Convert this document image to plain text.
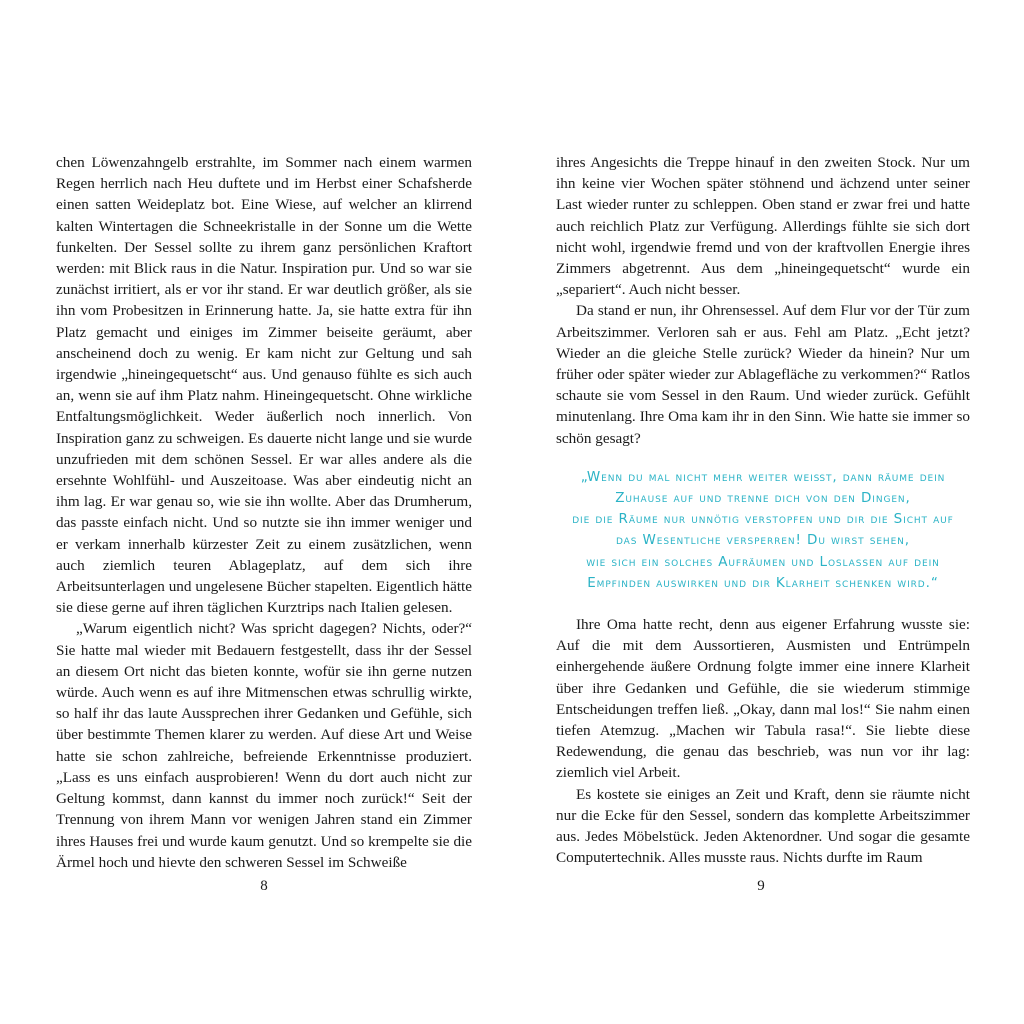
chen Löwenzahngelb erstrahlte, im Sommer nach einem warmen Regen herrlich nach Heu duftete und im Herbst einer Schafsherde einen satten Weideplatz bot. Eine Wiese, auf welcher an klirrend kalten Wintertagen die Schneekristalle in der Sonne um die Wette funkelten. Der Sessel sollte zu ihrem ganz persönlichen Kraftort werden: mit Blick raus in die Natur. Inspiration pur. Und so war sie zunächst irritiert, als er vor ihr stand. Er war deutlich größer, als sie ihn vom Probesitzen in Erinnerung hatte. Ja, sie hatte extra für ihn Platz gemacht und einiges im Zimmer beiseite geräumt, aber anscheinend doch zu wenig. Er kam nicht zur Geltung und sah irgendwie „hineingequetscht“ aus. Und genauso fühlte es sich auch an, wenn sie auf ihm Platz nahm. Hineingequetscht. Ohne wirkliche Entfaltungsmöglichkeit. Weder äußerlich noch innerlich. Von Inspiration ganz zu schweigen. Es dauerte nicht lange und sie wurde unzufrieden mit dem schönen Sessel. Er war alles andere als die ersehnte Wohlfühl- und Auszeitoase. Was aber eindeutig nicht an ihm lag. Er war genau so, wie sie ihn wollte. Aber das Drumherum, das passte einfach nicht. Und so nutzte sie ihn immer weniger und er verkam innerhalb kürzester Zeit zu einem zusätzlichen, wenn auch ziemlich teuren Ablageplatz, auf dem sich ihre Arbeitsunterlagen und ungelesene Bücher stapelten. Eigentlich hätte sie diese gerne auf ihren täglichen Kurztrips nach Italien gelesen.

„Warum eigentlich nicht? Was spricht dagegen? Nichts, oder?“ Sie hatte mal wieder mit Bedauern festgestellt, dass ihr der Sessel an diesem Ort nicht das bieten konnte, wofür sie ihn gerne nutzen würde. Auch wenn es auf ihre Mitmenschen etwas schrullig wirkte, so half ihr das laute Aussprechen ihrer Gedanken und Gefühle, sich über bestimmte Themen klarer zu werden. Auf diese Art und Weise hatte sie schon zahlreiche, befreiende Erkenntnisse produziert. „Lass es uns einfach ausprobieren! Wenn du dort auch nicht zur Geltung kommst, dann kannst du immer noch zurück!“ Seit der Trennung von ihrem Mann vor wenigen Jahren stand ein Zimmer ihres Hauses frei und wurde kaum genutzt. Und so krempelte sie die Ärmel hoch und hievte den schweren Sessel im Schweiße

ihres Angesichts die Treppe hinauf in den zweiten Stock. Nur um ihn keine vier Wochen später stöhnend und ächzend unter seiner Last wieder runter zu schleppen. Oben stand er zwar frei und hatte auch reichlich Platz zur Verfügung. Allerdings fühlte sie sich dort nicht wohl, irgendwie fremd und von der kraftvollen Energie ihres Zimmers abgetrennt. Aus dem „hineingequetscht“ wurde ein „separiert“. Auch nicht besser.

Da stand er nun, ihr Ohrensessel. Auf dem Flur vor der Tür zum Arbeitszimmer. Verloren sah er aus. Fehl am Platz. „Echt jetzt? Wieder an die gleiche Stelle zurück? Wieder da hinein? Nur um früher oder später wieder zur Ablagefläche zu verkommen?“ Ratlos schaute sie vom Sessel in den Raum. Und wieder zurück. Gefühlt minutenlang. Ihre Oma kam ihr in den Sinn. Wie hatte sie immer so schön gesagt?

„Wenn du mal nicht mehr weiter weißt, dann räume dein
Zuhause auf und trenne dich von den Dingen,
die die Räume nur unnötig verstopfen und dir die Sicht auf
das Wesentliche versperren! Du wirst sehen,
wie sich ein solches Aufräumen und Loslassen auf dein
Empfinden auswirken und dir Klarheit schenken wird.“

Ihre Oma hatte recht, denn aus eigener Erfahrung wusste sie: Auf die mit dem Aussortieren, Ausmisten und Entrümpeln einhergehende äußere Ordnung folgte immer eine innere Klarheit über ihre Gedanken und Gefühle, die sie wiederum stimmige Entscheidungen treffen ließ. „Okay, dann mal los!“ Sie nahm einen tiefen Atemzug. „Machen wir Tabula rasa!“. Sie liebte diese Redewendung, die genau das beschrieb, was nun vor ihr lag: ziemlich viel Arbeit.

Es kostete sie einiges an Zeit und Kraft, denn sie räumte nicht nur die Ecke für den Sessel, sondern das komplette Arbeitszimmer aus. Jedes Möbelstück. Jeden Aktenordner. Und sogar die gesamte Computertechnik. Alles musste raus. Nichts durfte im Raum

8	9
